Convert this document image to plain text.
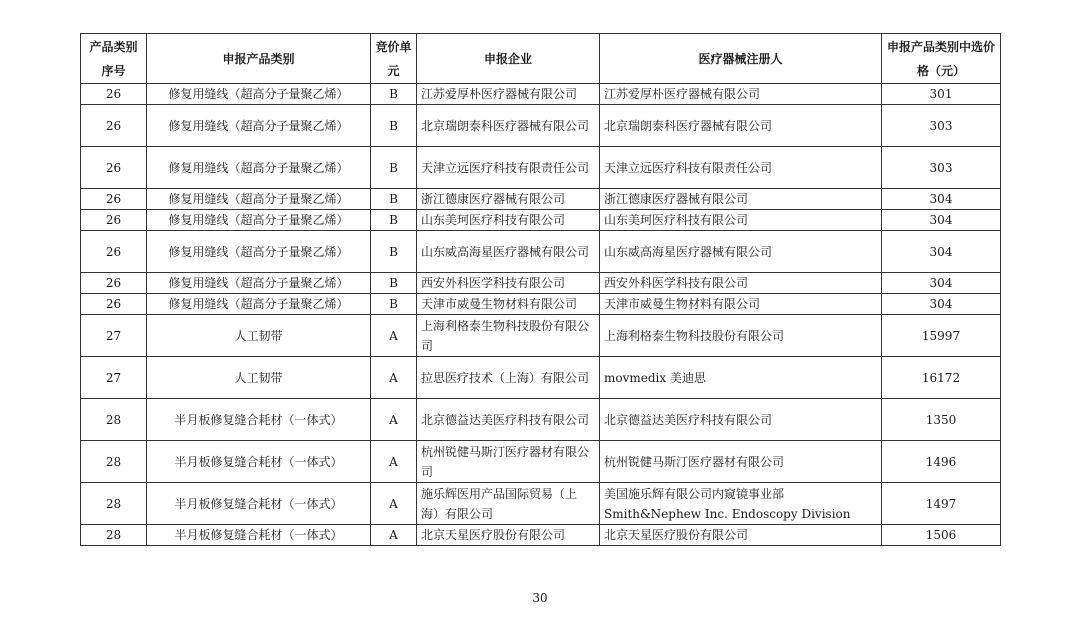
产品类别序号	申报产品类别	竞价单元	申报企业	医疗器械注册人	申报产品类别中选价格（元）
26	修复用缝线（超高分子量聚乙烯）	B	江苏爱厚朴医疗器械有限公司	江苏爱厚朴医疗器械有限公司	301
26	修复用缝线（超高分子量聚乙烯）	B	北京瑞朗泰科医疗器械有限公司	北京瑞朗泰科医疗器械有限公司	303
26	修复用缝线（超高分子量聚乙烯）	B	天津立远医疗科技有限责任公司	天津立远医疗科技有限责任公司	303
26	修复用缝线（超高分子量聚乙烯）	B	浙江德康医疗器械有限公司	浙江德康医疗器械有限公司	304
26	修复用缝线（超高分子量聚乙烯）	B	山东美珂医疗科技有限公司	山东美珂医疗科技有限公司	304
26	修复用缝线（超高分子量聚乙烯）	B	山东威高海星医疗器械有限公司	山东威高海星医疗器械有限公司	304
26	修复用缝线（超高分子量聚乙烯）	B	西安外科医学科技有限公司	西安外科医学科技有限公司	304
26	修复用缝线（超高分子量聚乙烯）	B	天津市威曼生物材料有限公司	天津市威曼生物材料有限公司	304
27	人工韧带	A	上海利格泰生物科技股份有限公司	上海利格泰生物科技股份有限公司	15997
27	人工韧带	A	拉思医疗技术（上海）有限公司	movmedix 美迪思	16172
28	半月板修复缝合耗材（一体式）	A	北京德益达美医疗科技有限公司	北京德益达美医疗科技有限公司	1350
28	半月板修复缝合耗材（一体式）	A	杭州锐健马斯汀医疗器材有限公司	杭州锐健马斯汀医疗器材有限公司	1496
28	半月板修复缝合耗材（一体式）	A	施乐辉医用产品国际贸易（上海）有限公司	美国施乐辉有限公司内窥镜事业部 Smith&Nephew Inc. Endoscopy Division	1497
28	半月板修复缝合耗材（一体式）	A	北京天星医疗股份有限公司	北京天星医疗股份有限公司	1506
30
